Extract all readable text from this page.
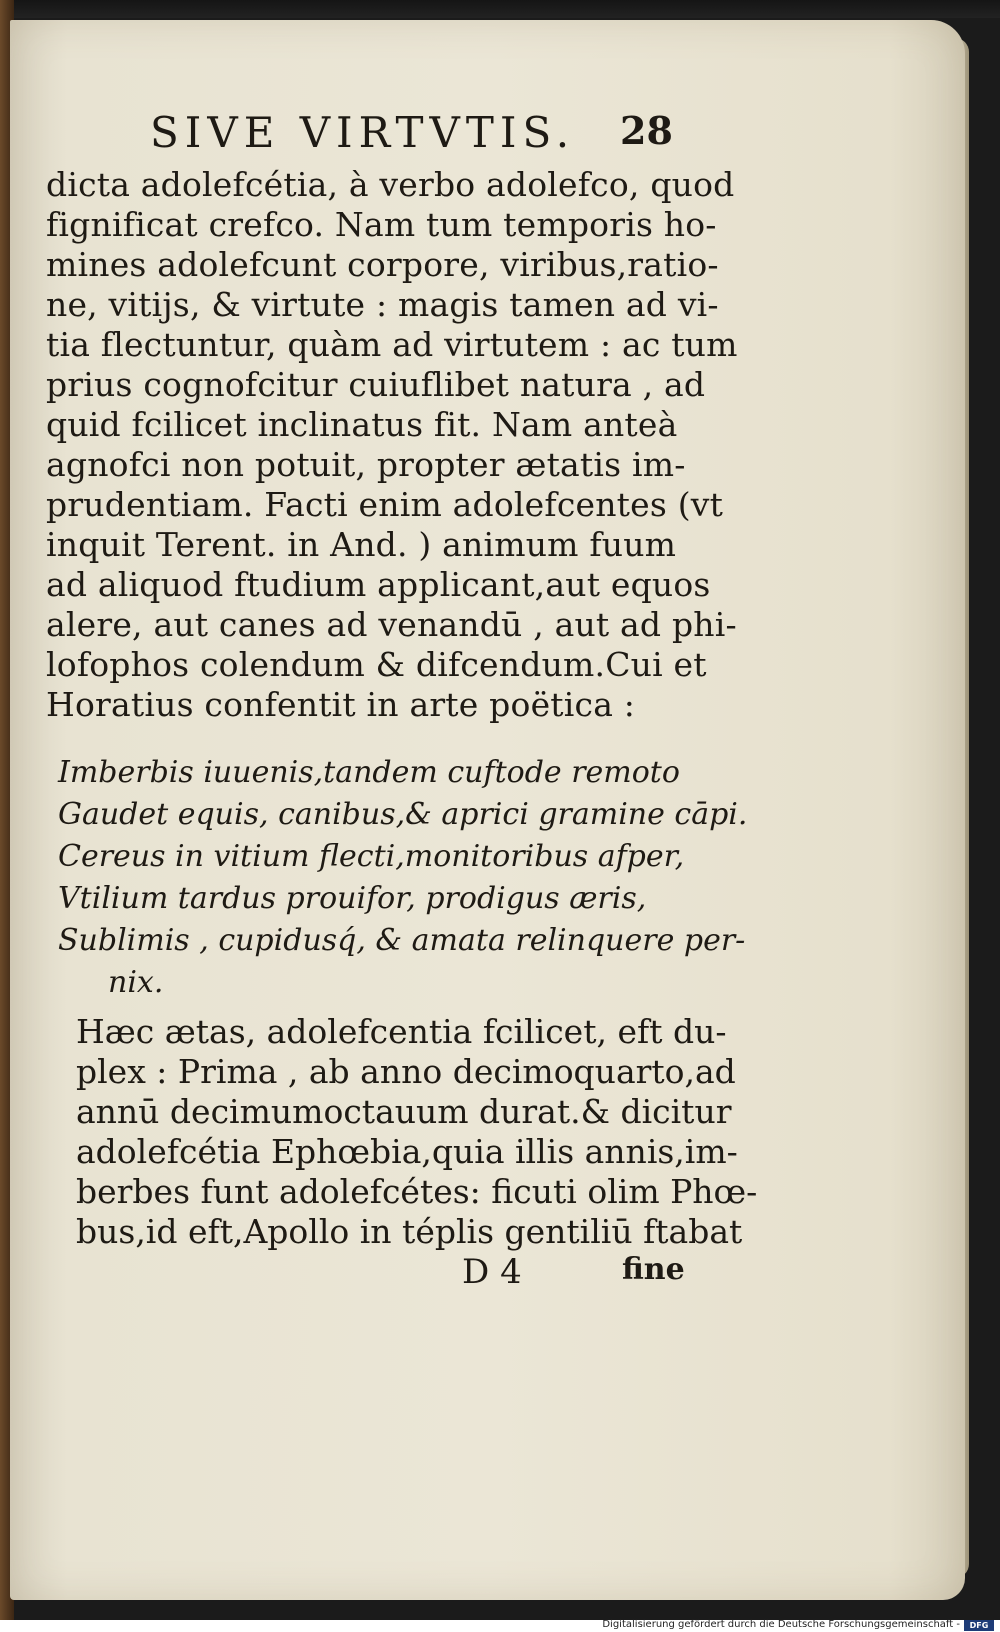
SIVE VIRTVTIS. 28
dicta adolefcétia, à verbo adolefco, quod
fignificat crefco. Nam tum temporis ho-
mines adolefcunt corpore, viribus,ratio-
ne, vitijs, & virtute : magis tamen ad vi-
tia flectuntur, quàm ad virtutem : ac tum
prius cognofcitur cuiuflibet natura , ad
quid fcilicet inclinatus fit. Nam anteà
agnofci non potuit, propter ætatis im-
prudentiam. Facti enim adolefcentes (vt
inquit Terent. in And. ) animum fuum
ad aliquod ftudium applicant,aut equos
alere, aut canes ad venandū , aut ad phi-
lofophos colendum & difcendum.Cui et
Horatius confentit in arte poëtica :
Imberbis iuuenis,tandem cuftode remoto
Gaudet equis, canibus,& aprici gramine cāpi.
Cereus in vitium flecti,monitoribus afper,
Vtilium tardus prouifor, prodigus æris,
Sublimis , cupidusq́, & amata relinquere per-
nix.
Hæc ætas, adolefcentia fcilicet, eft du-
plex : Prima , ab anno decimoquarto,ad
annū decimumoctauum durat.& dicitur
adolefcétia Ephœbia,quia illis annis,im-
berbes funt adolefcétes: ficuti olim Phœ-
bus,id eft,Apollo in téplis gentiliū ftabat
D 4	fine
Digitalisierung gefördert durch die Deutsche Forschungsgemeinschaft -	DFG
